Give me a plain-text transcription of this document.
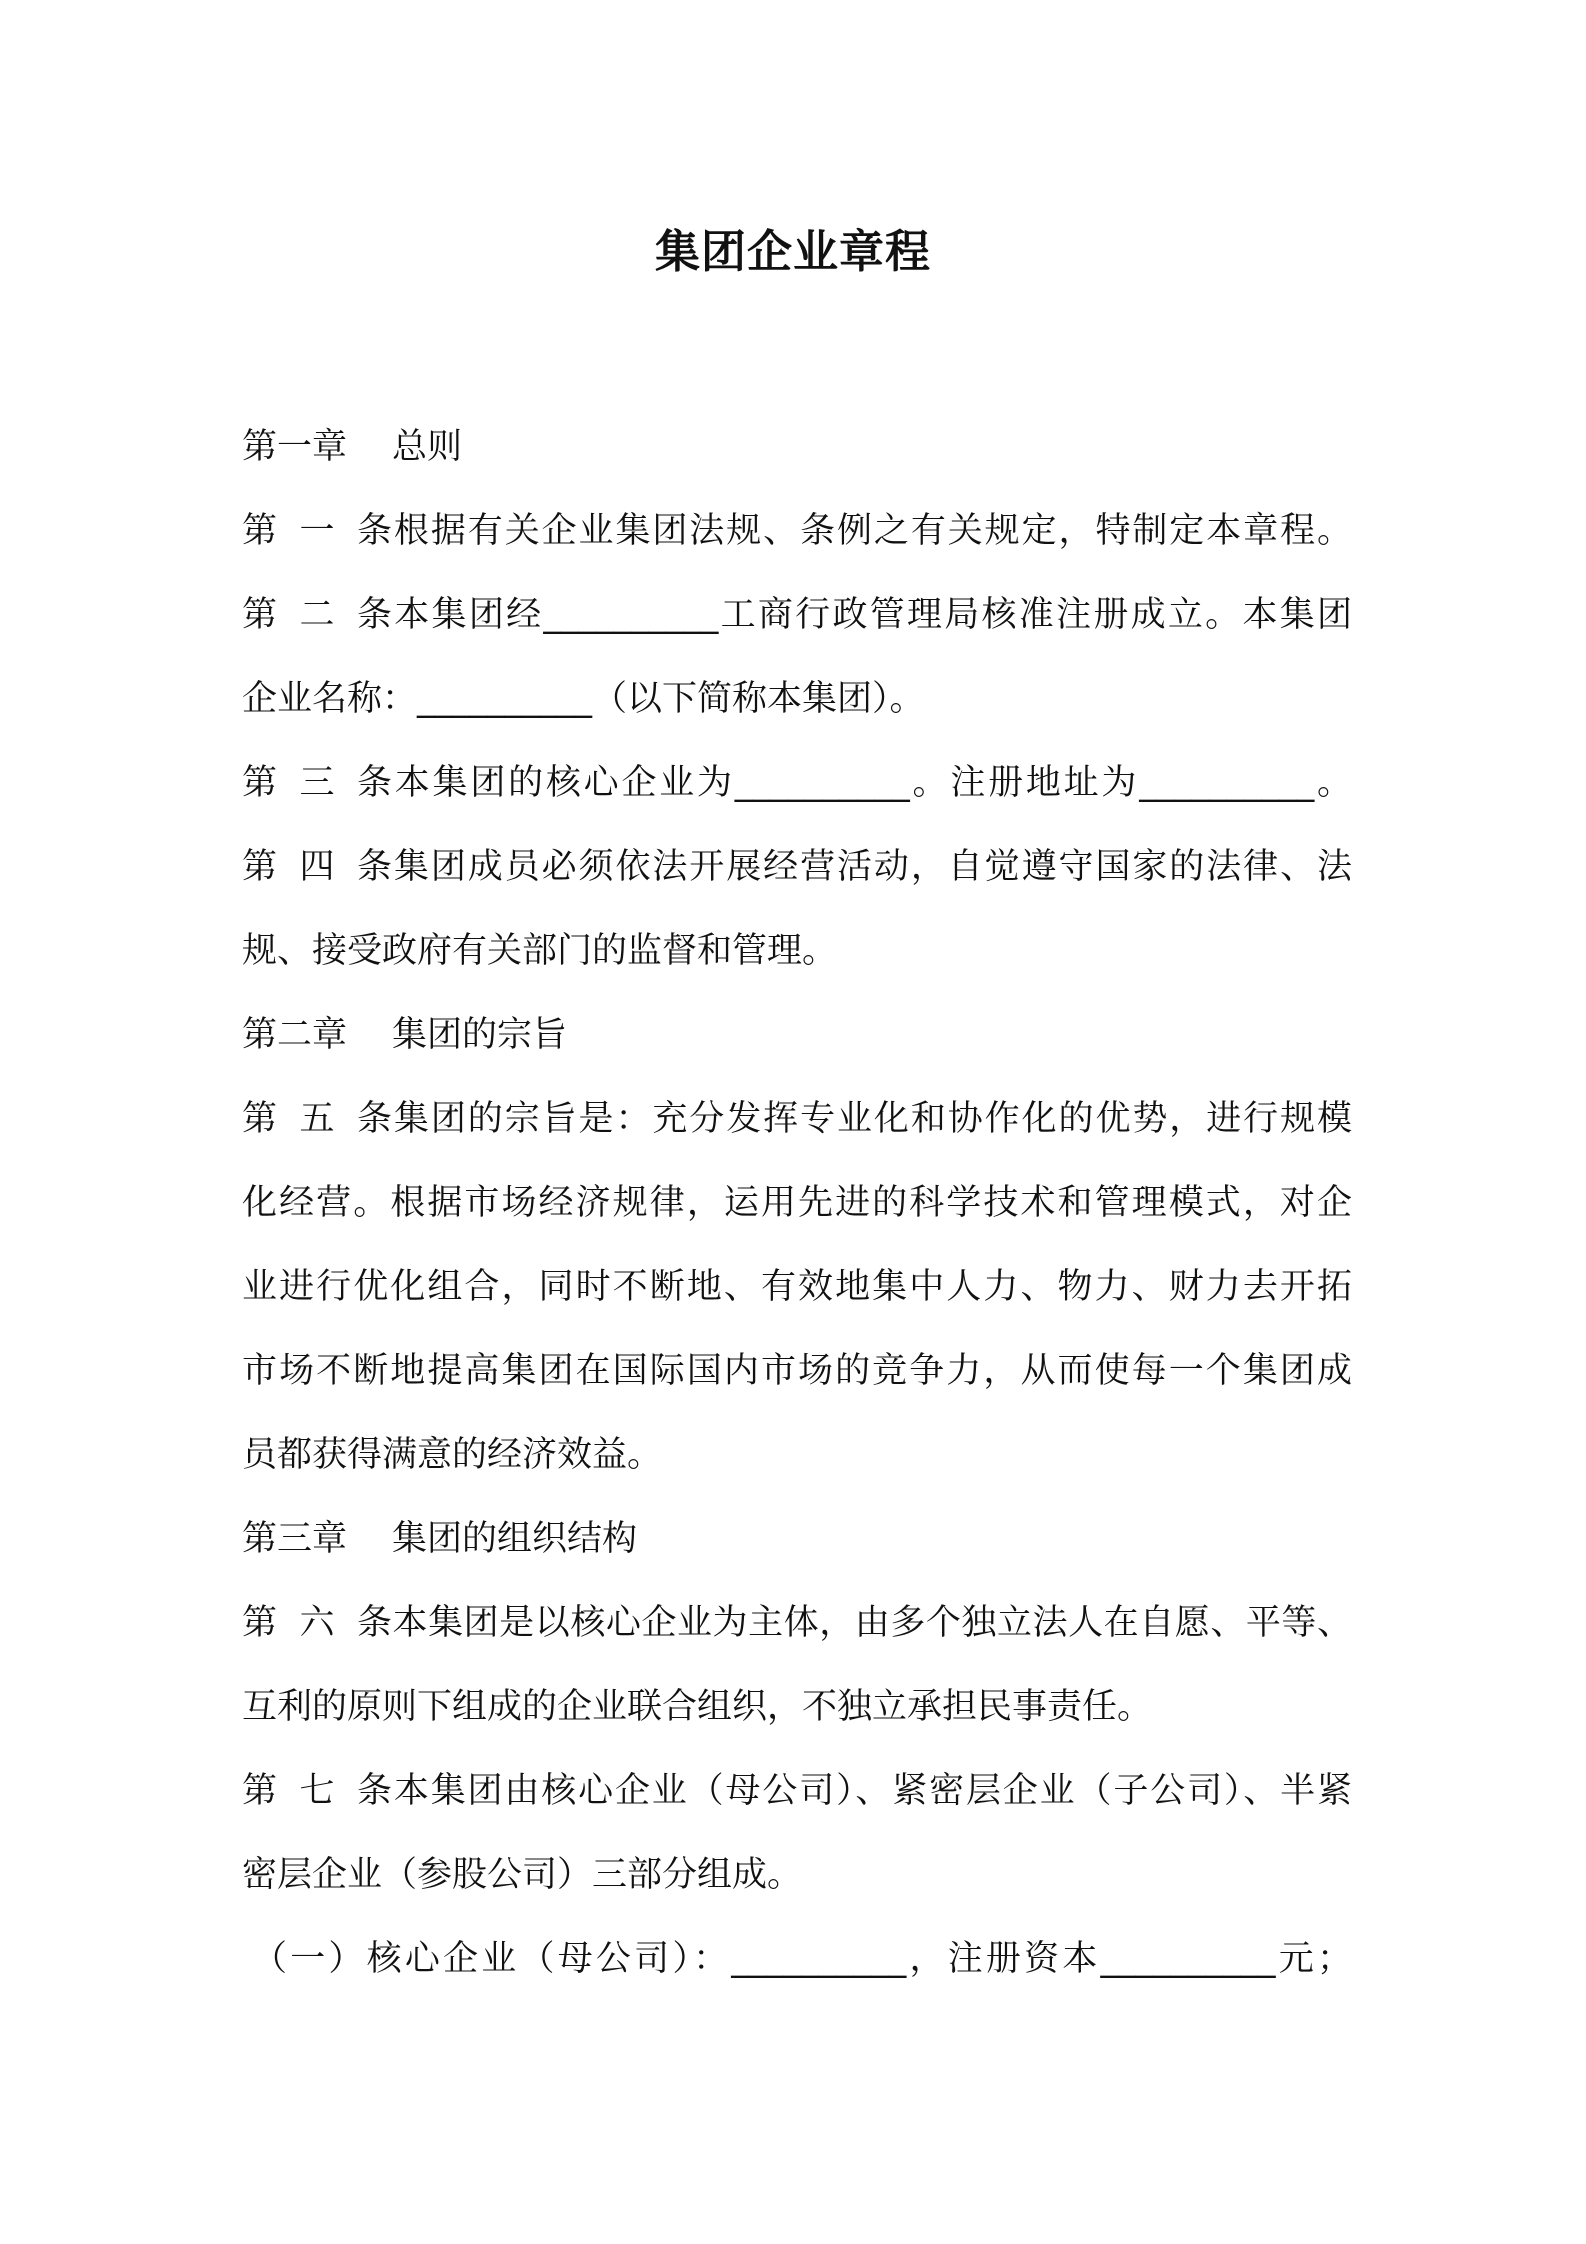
集团企业章程
第一章 总则
第一条根据有关企业集团法规、条例之有关规定，特制定本章程。
第二条本集团经__________工商行政管理局核准注册成立。本集团
企业名称：__________（以下简称本集团）。
第三条本集团的核心企业为__________。注册地址为__________。
第四条集团成员必须依法开展经营活动，自觉遵守国家的法律、法
规、接受政府有关部门的监督和管理。
第二章 集团的宗旨
第五条集团的宗旨是：充分发挥专业化和协作化的优势，进行规模
化经营。根据市场经济规律，运用先进的科学技术和管理模式，对企
业进行优化组合，同时不断地、有效地集中人力、物力、财力去开拓
市场不断地提高集团在国际国内市场的竞争力，从而使每一个集团成
员都获得满意的经济效益。
第三章 集团的组织结构
第六条本集团是以核心企业为主体，由多个独立法人在自愿、平等、
互利的原则下组成的企业联合组织，不独立承担民事责任。
第七条本集团由核心企业（母公司）、紧密层企业（子公司）、半紧
密层企业（参股公司）三部分组成。
（一）核心企业（母公司）：__________，注册资本__________元；
